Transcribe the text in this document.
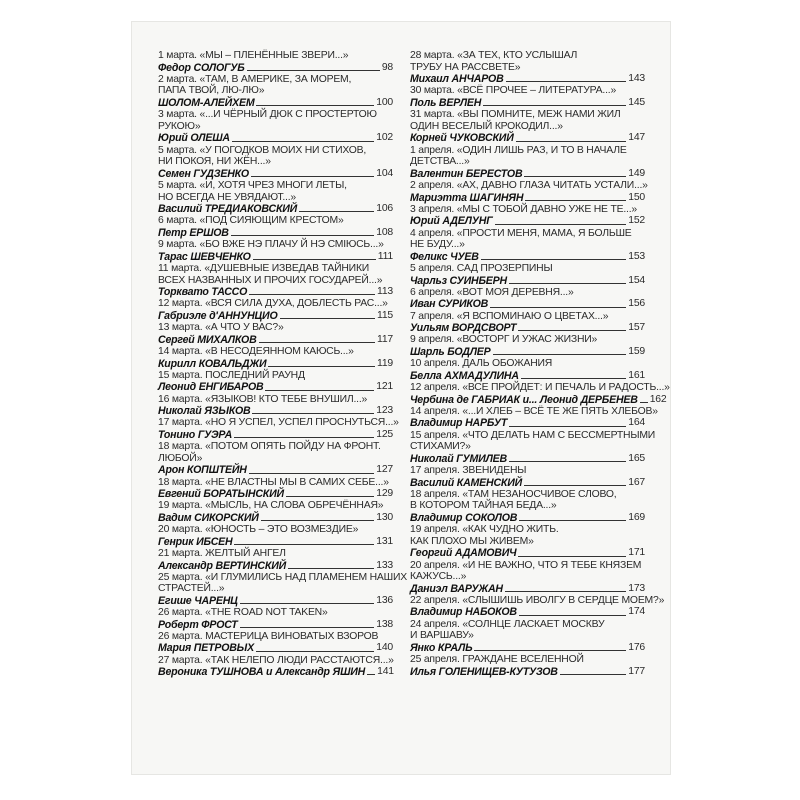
1 марта. «МЫ – ПЛЕНЁННЫЕ ЗВЕРИ...»
Федор СОЛОГУБ	98
2 марта. «ТАМ, В АМЕРИКЕ, ЗА МОРЕМ,
ПАПА ТВОЙ, ЛЮ-ЛЮ»
ШОЛОМ-АЛЕЙХЕМ	100
3 марта. «...И ЧЁРНЫЙ ДЮК С ПРОСТЕРТОЮ
РУКОЮ»
Юрий ОЛЕША	102
5 марта. «У ПОГОДКОВ МОИХ НИ СТИХОВ,
НИ ПОКОЯ, НИ ЖЁН...»
Семен ГУДЗЕНКО	104
5 марта. «И, ХОТЯ ЧРЕЗ МНОГИ ЛЕТЫ,
НО ВСЕГДА НЕ УВЯДАЮТ...»
Василий ТРЕДИАКОВСКИЙ	106
6 марта. «ПОД СИЯЮЩИМ КРЕСТОМ»
Петр ЕРШОВ	108
9 марта. «БО ВЖЕ НЭ ПЛАЧУ Й НЭ СМІЮСЬ...»
Тарас ШЕВЧЕНКО	111
11 марта. «ДУШЕВНЫЕ ИЗВЕДАВ ТАЙНИКИ
ВСЕХ НАЗВАННЫХ И ПРОЧИХ ГОСУДАРЕЙ...»
Торквато ТАССО	113
12 марта. «ВСЯ СИЛА ДУХА, ДОБЛЕСТЬ РАС...»
Габриэле д'АННУНЦИО	115
13 марта. «А ЧТО У ВАС?»
Сергей МИХАЛКОВ	117
14 марта. «В НЕСОДЕЯННОМ КАЮСЬ...»
Кирилл КОВАЛЬДЖИ	119
15 марта. ПОСЛЕДНИЙ РАУНД
Леонид ЕНГИБАРОВ	121
16 марта. «ЯЗЫКОВ! КТО ТЕБЕ ВНУШИЛ...»
Николай ЯЗЫКОВ	123
17 марта. «НО Я УСПЕЛ, УСПЕЛ ПРОСНУТЬСЯ...»
Тонино ГУЭРА	125
18 марта. «ПОТОМ ОПЯТЬ ПОЙДУ НА ФРОНТ.
ЛЮБОЙ»
Арон КОПШТЕЙН	127
18 марта. «НЕ ВЛАСТНЫ МЫ В САМИХ СЕБЕ...»
Евгений БОРАТЫНСКИЙ	129
19 марта. «МЫСЛЬ, НА СЛОВА ОБРЕЧЁННАЯ»
Вадим СИКОРСКИЙ	130
20 марта. «ЮНОСТЬ – ЭТО ВОЗМЕЗДИЕ»
Генрик ИБСЕН	131
21 марта. ЖЕЛТЫЙ АНГЕЛ
Александр ВЕРТИНСКИЙ	133
25 марта. «И ГЛУМИЛИСЬ НАД ПЛАМЕНЕМ НАШИХ
СТРАСТЕЙ...»
Егише ЧАРЕНЦ	136
26 марта. «THE ROAD NOT TAKEN»
Роберт ФРОСТ	138
26 марта. МАСТЕРИЦА ВИНОВАТЫХ ВЗОРОВ
Мария ПЕТРОВЫХ	140
27 марта. «ТАК НЕЛЕПО ЛЮДИ РАССТАЮТСЯ...»
Вероника ТУШНОВА и Александр ЯШИН 141
28 марта. «ЗА ТЕХ, КТО УСЛЫШАЛ
ТРУБУ НА РАССВЕТЕ»
Михаил АНЧАРОВ	143
30 марта. «ВСЁ ПРОЧЕЕ – ЛИТЕРАТУРА...»
Поль ВЕРЛЕН	145
31 марта. «ВЫ ПОМНИТЕ, МЕЖ НАМИ ЖИЛ
ОДИН ВЕСЕЛЫЙ КРОКОДИЛ...»
Корней ЧУКОВСКИЙ	147
1 апреля. «ОДИН ЛИШЬ РАЗ, И ТО В НАЧАЛЕ
ДЕТСТВА...»
Валентин БЕРЕСТОВ	149
2 апреля. «АХ, ДАВНО ГЛАЗА ЧИТАТЬ УСТАЛИ...»
Мариэтта ШАГИНЯН	150
3 апреля. «МЫ С ТОБОЙ ДАВНО УЖЕ НЕ ТЕ...»
Юрий АДЕЛУНГ	152
4 апреля. «ПРОСТИ МЕНЯ, МАМА, Я БОЛЬШЕ
НЕ БУДУ...»
Феликс ЧУЕВ	153
5 апреля. САД ПРОЗЕРПИНЫ
Чарльз СУИНБЕРН	154
6 апреля. «ВОТ МОЯ ДЕРЕВНЯ...»
Иван СУРИКОВ	156
7 апреля. «Я ВСПОМИНАЮ О ЦВЕТАХ...»
Уильям ВОРДСВОРТ	157
9 апреля. «ВОСТОРГ И УЖАС ЖИЗНИ»
Шарль БОДЛЕР	159
10 апреля. ДАЛЬ ОБОЖАНИЯ
Белла АХМАДУЛИНА	161
12 апреля. «ВСЕ ПРОЙДЕТ: И ПЕЧАЛЬ И РАДОСТЬ...»
Чербина де ГАБРИАК и... Леонид ДЕРБЕНЕВ 162
14 апреля. «...И ХЛЕБ – ВСЁ ТЕ ЖЕ ПЯТЬ ХЛЕБОВ»
Владимир НАРБУТ	164
15 апреля. «ЧТО ДЕЛАТЬ НАМ С БЕССМЕРТНЫМИ
СТИХАМИ?»
Николай ГУМИЛЕВ	165
17 апреля. ЗВЕНИДЕНЫ
Василий КАМЕНСКИЙ	167
18 апреля. «ТАМ НЕЗАНОСЧИВОЕ СЛОВО,
В КОТОРОМ ТАЙНАЯ БЕДА...»
Владимир СОКОЛОВ	169
19 апреля. «КАК ЧУДНО ЖИТЬ.
КАК ПЛОХО МЫ ЖИВЕМ»
Георгий АДАМОВИЧ	171
20 апреля. «И НЕ ВАЖНО, ЧТО Я ТЕБЕ КНЯЗЕМ
КАЖУСЬ...»
Даниэл ВАРУЖАН	173
22 апреля. «СЛЫШИШЬ ИВОЛГУ В СЕРДЦЕ МОЕМ?»
Владимир НАБОКОВ	174
24 апреля. «СОЛНЦЕ ЛАСКАЕТ МОСКВУ
И ВАРШАВУ»
Янко КРАЛЬ	176
25 апреля. ГРАЖДАНЕ ВСЕЛЕННОЙ
Илья ГОЛЕНИЩЕВ-КУТУЗОВ	177
